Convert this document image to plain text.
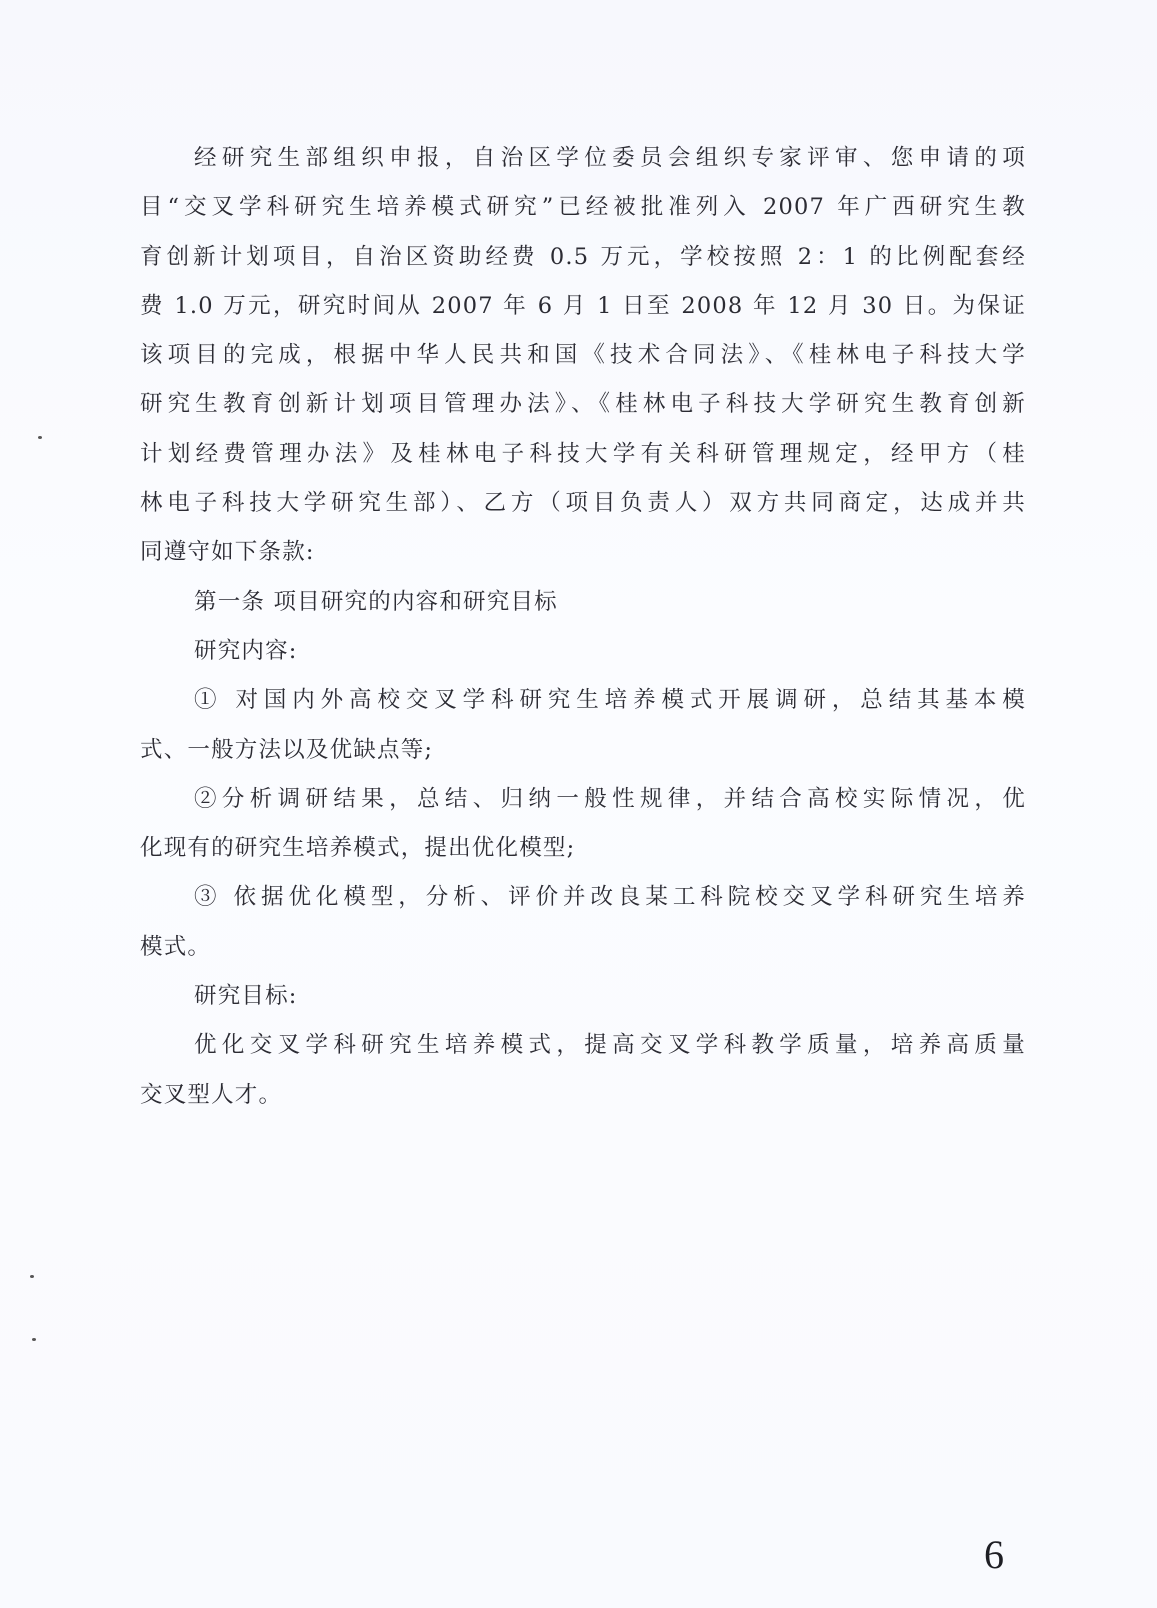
经研究生部组织申报，自治区学位委员会组织专家评审、您申请的项
目“交叉学科研究生培养模式研究”已经被批准列入 2007 年广西研究生教
育创新计划项目，自治区资助经费 0.5 万元，学校按照 2：1 的比例配套经
费 1.0 万元，研究时间从 2007 年 6 月 1 日至 2008 年 12 月 30 日。为保证
该项目的完成，根据中华人民共和国《技术合同法》、《桂林电子科技大学
研究生教育创新计划项目管理办法》、《桂林电子科技大学研究生教育创新
计划经费管理办法》及桂林电子科技大学有关科研管理规定，经甲方（桂
林电子科技大学研究生部）、乙方（项目负责人）双方共同商定，达成并共
同遵守如下条款:
第一条 项目研究的内容和研究目标
研究内容:
① 对国内外高校交叉学科研究生培养模式开展调研，总结其基本模
式、一般方法以及优缺点等;
②分析调研结果，总结、归纳一般性规律，并结合高校实际情况，优
化现有的研究生培养模式，提出优化模型;
③ 依据优化模型，分析、评价并改良某工科院校交叉学科研究生培养
模式。
研究目标:
优化交叉学科研究生培养模式，提高交叉学科教学质量，培养高质量
交叉型人才。
6
